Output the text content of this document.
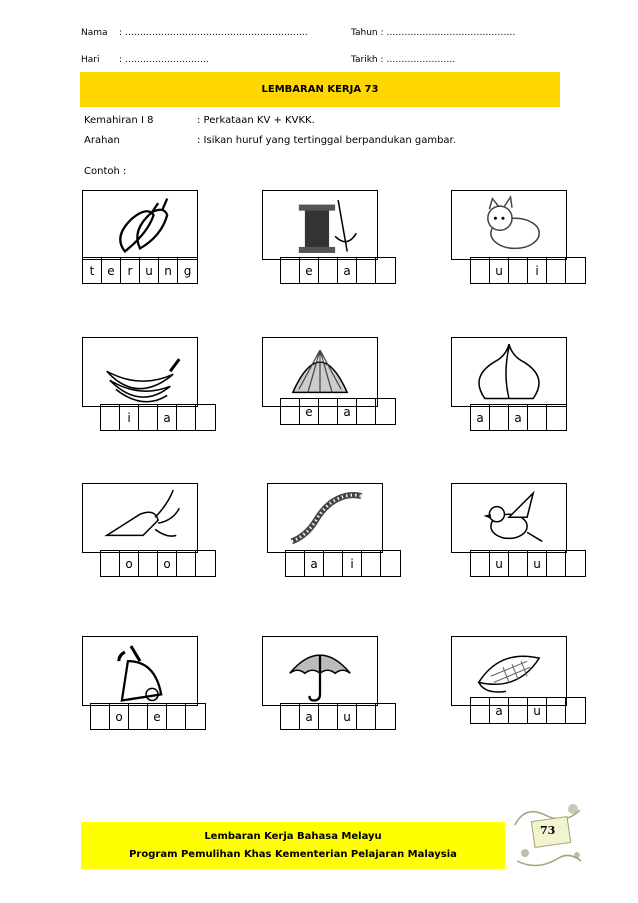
Nama : …………………………………………………….	Tahun : …………………………………….
Hari : ……………………….	Tarikh : …………………..
LEMBARAN KERJA 73
Kemahiran I 8	: Perkataan KV + KVKK.
Arahan	: Isikan huruf yang tertinggal berpandukan gambar.
Contoh :
t	e	r	u n g	e	a	u	i
i	a	e	a	a	a
o	o	a	i	u	u
o	e	a	u	a	u
Lembaran Kerja Bahasa Melayu
Program Pemulihan Khas Kementerian Pelajaran Malaysia
73
